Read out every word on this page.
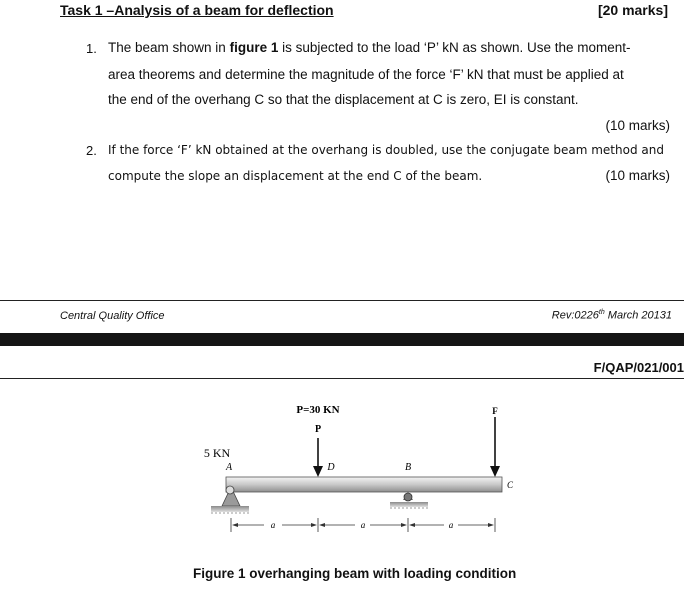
Task 1 –Analysis of a beam for deflection	[20 marks]
1. The beam shown in figure 1 is subjected to the load ‘P’ kN as shown. Use the moment-
area theorems and determine the magnitude of the force ‘F’ kN that must be applied at
the end of the overhang C so that the displacement at C is zero, EI is constant.
(10 marks)
2. If the force ‘F’ kN obtained at the overhang is doubled, use the conjugate beam method and
compute the slope an displacement at the end C of the beam.	(10 marks)
Central Quality Office	Rev:0226th March 20131
F/QAP/021/001
P=30 KN
P
F
5 KN
A	D	B
C
a	a	a
Figure 1 overhanging beam with loading condition
